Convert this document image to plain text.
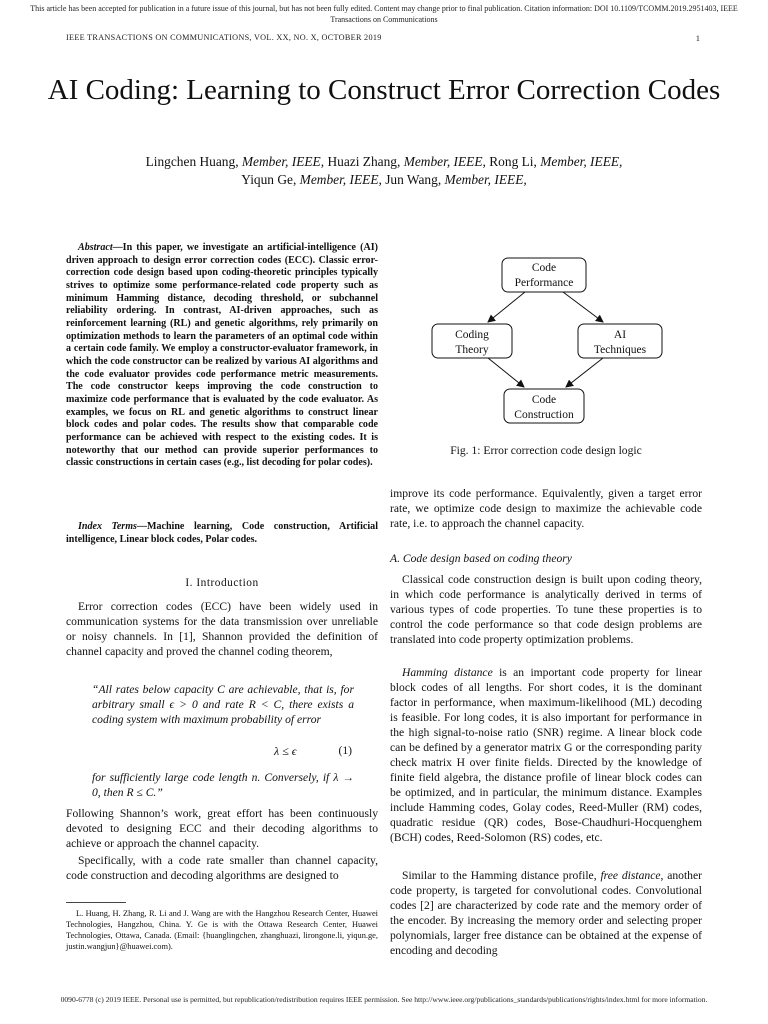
This article has been accepted for publication in a future issue of this journal, but has not been fully edited. Content may change prior to final publication. Citation information: DOI 10.1109/TCOMM.2019.2951403, IEEE Transactions on Communications
IEEE TRANSACTIONS ON COMMUNICATIONS, VOL. XX, NO. X, OCTOBER 2019	1
AI Coding: Learning to Construct Error Correction Codes
Lingchen Huang, Member, IEEE, Huazi Zhang, Member, IEEE, Rong Li, Member, IEEE,
Yiqun Ge, Member, IEEE, Jun Wang, Member, IEEE,
Abstract—In this paper, we investigate an artificial-intelligence (AI) driven approach to design error correction codes (ECC). Classic error-correction code design based upon coding-theoretic principles typically strives to optimize some performance-related code property such as minimum Hamming distance, decoding threshold, or subchannel reliability ordering. In contrast, AI-driven approaches, such as reinforcement learning (RL) and genetic algorithms, rely primarily on optimization methods to learn the parameters of an optimal code within a certain code family. We employ a constructor-evaluator framework, in which the code constructor can be realized by various AI algorithms and the code evaluator provides code performance metric measurements. The code constructor keeps improving the code construction to maximize code performance that is evaluated by the code evaluator. As examples, we focus on RL and genetic algorithms to construct linear block codes and polar codes. The results show that comparable code performance can be achieved with respect to the existing codes. It is noteworthy that our method can provide superior performances to classic constructions in certain cases (e.g., list decoding for polar codes).
Index Terms—Machine learning, Code construction, Artificial intelligence, Linear block codes, Polar codes.
I. Introduction
Error correction codes (ECC) have been widely used in communication systems for the data transmission over unreliable or noisy channels. In [1], Shannon provided the definition of channel capacity and proved the channel coding theorem,
“All rates below capacity C are achievable, that is, for arbitrary small ϵ > 0 and rate R < C, there exists a coding system with maximum probability of error
λ ≤ ϵ	(1)
for sufficiently large code length n. Conversely, if λ → 0, then R ≤ C.”
Following Shannon’s work, great effort has been continuously devoted to designing ECC and their decoding algorithms to achieve or approach the channel capacity.
Specifically, with a code rate smaller than channel capacity, code construction and decoding algorithms are designed to
L. Huang, H. Zhang, R. Li and J. Wang are with the Hangzhou Research Center, Huawei Technologies, Hangzhou, China. Y. Ge is with the Ottawa Research Center, Huawei Technologies, Ottawa, Canada. (Email: {huanglingchen, zhanghuazi, lirongone.li, yiqun.ge, justin.wangjun}@huawei.com).
Code
Performance
Coding
Theory
AI
Techniques
Code
Construction
Fig. 1: Error correction code design logic
improve its code performance. Equivalently, given a target error rate, we optimize code design to maximize the achievable code rate, i.e. to approach the channel capacity.
A. Code design based on coding theory
Classical code construction design is built upon coding theory, in which code performance is analytically derived in terms of various types of code properties. To tune these properties is to control the code performance so that code design problems are translated into code property optimization problems.
Hamming distance is an important code property for linear block codes of all lengths. For short codes, it is the dominant factor in performance, when maximum-likelihood (ML) decoding is feasible. For long codes, it is also important for performance in the high signal-to-noise ratio (SNR) regime. A linear block code can be defined by a generator matrix G or the corresponding parity check matrix H over finite fields. Directed by the knowledge of finite field algebra, the distance profile of linear block codes can be optimized, and in particular, the minimum distance. Examples include Hamming codes, Golay codes, Reed-Muller (RM) codes, quadratic residue (QR) codes, Bose-Chaudhuri-Hocquenghem (BCH) codes, Reed-Solomon (RS) codes, etc.
Similar to the Hamming distance profile, free distance, another code property, is targeted for convolutional codes. Convolutional codes [2] are characterized by code rate and the memory order of the encoder. By increasing the memory order and selecting proper polynomials, larger free distance can be obtained at the expense of encoding and decoding
0090-6778 (c) 2019 IEEE. Personal use is permitted, but republication/redistribution requires IEEE permission. See http://www.ieee.org/publications_standards/publications/rights/index.html for more information.
